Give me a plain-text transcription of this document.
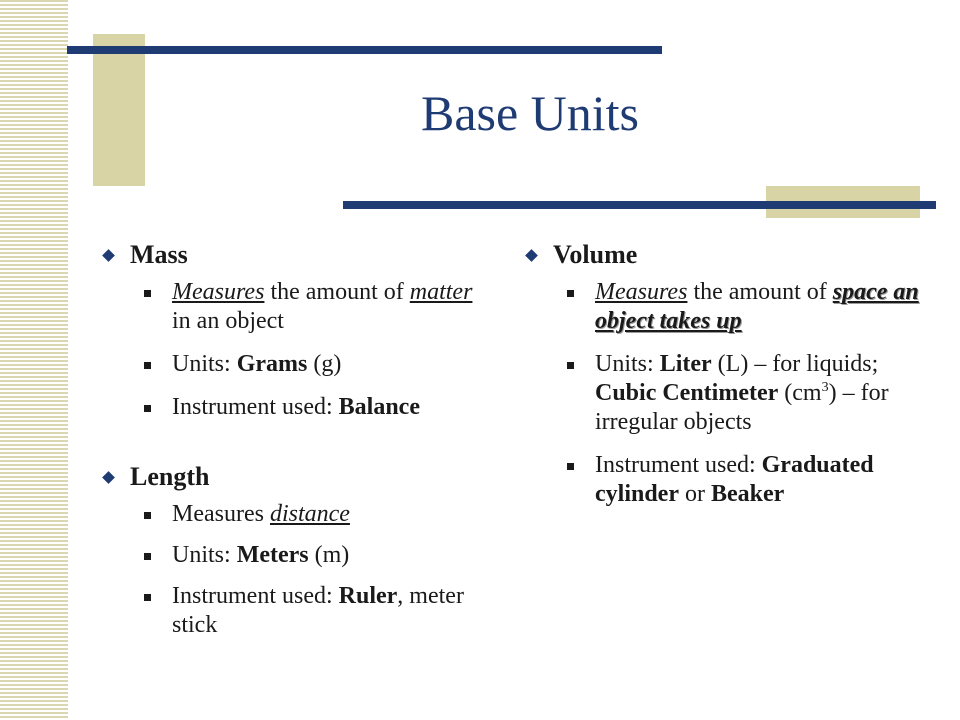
Base Units
Mass
Measures the amount of matter in an object
Units: Grams (g)
Instrument used: Balance
Length
Measures distance
Units: Meters (m)
Instrument used: Ruler, meter stick
Volume
Measures the amount of space an object takes up
Units: Liter (L) – for liquids; Cubic Centimeter $(cm^3)$ – for irregular objects
Instrument used: Graduated cylinder or Beaker
